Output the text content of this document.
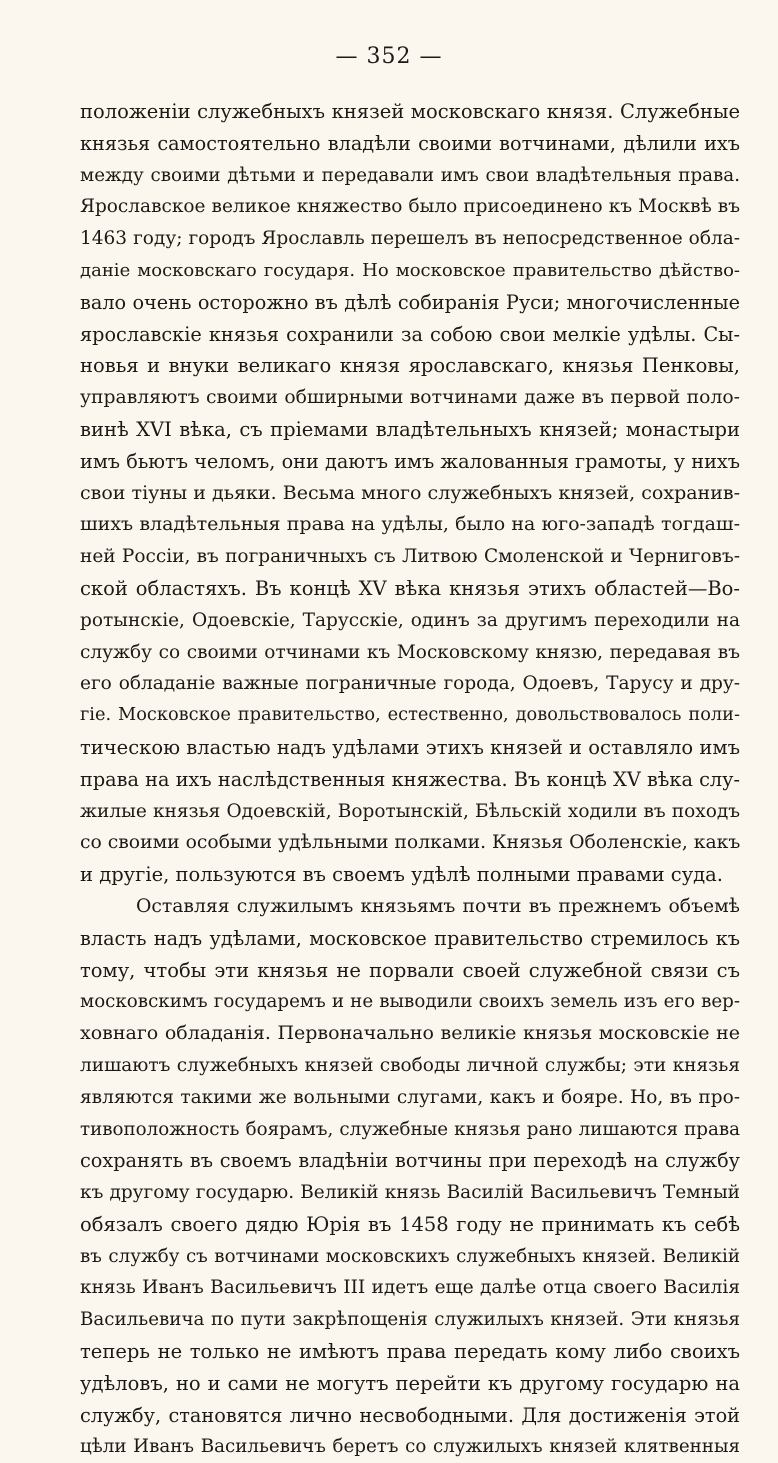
— 352 —
положенiи служебныхъ князей московскаго князя. Служебные
князья самостоятельно владѣли своими вотчинами, дѣлили ихъ
между своими дѣтьми и передавали имъ свои владѣтельныя права.
Ярославское великое княжество было присоединено къ Москвѣ въ
1463 году; городъ Ярославль перешелъ въ непосредственное обла-
данiе московскаго государя. Но московское правительство дѣйство-
вало очень осторожно въ дѣлѣ собиранiя Руси; многочисленные
ярославскiе князья сохранили за собою свои мелкiе удѣлы. Сы-
новья и внуки великаго князя ярославскаго, князья Пенковы,
управляютъ своими обширными вотчинами даже въ первой поло-
винѣ XVI вѣка, съ прiемами владѣтельныхъ князей; монастыри
имъ бьютъ челомъ, они даютъ имъ жалованныя грамоты, у нихъ
свои тiуны и дьяки. Весьма много служебныхъ князей, сохранив-
шихъ владѣтельныя права на удѣлы, было на юго-западѣ тогдаш-
ней Россiи, въ пограничныхъ съ Литвою Смоленской и Черниговъ-
ской областяхъ. Въ концѣ XV вѣка князья этихъ областей—Во-
ротынскiе, Одоевскiе, Тарусскiе, одинъ за другимъ переходили на
службу со своими отчинами къ Московскому князю, передавая въ
его обладанiе важные пограничные города, Одоевъ, Тарусу и дру-
гiе. Московское правительство, естественно, довольствовалось поли-
тическою властью надъ удѣлами этихъ князей и оставляло имъ
права на ихъ наслѣдственныя княжества. Въ концѣ XV вѣка слу-
жилые князья Одоевскiй, Воротынскiй, Бѣльскiй ходили въ походъ
со своими особыми удѣльными полками. Князья Оболенскiе, какъ
и другiе, пользуются въ своемъ удѣлѣ полными правами суда.
Оставляя служилымъ князьямъ почти въ прежнемъ объемѣ
власть надъ удѣлами, московское правительство стремилось къ
тому, чтобы эти князья не порвали своей служебной связи съ
московскимъ государемъ и не выводили своихъ земель изъ его вер-
ховнаго обладанiя. Первоначально великiе князья московскiе не
лишаютъ служебныхъ князей свободы личной службы; эти князья
являются такими же вольными слугами, какъ и бояре. Но, въ про-
тивоположность боярамъ, служебные князья рано лишаются права
сохранять въ своемъ владѣнiи вотчины при переходѣ на службу
къ другому государю. Великiй князь Василiй Васильевичъ Темный
обязалъ своего дядю Юрiя въ 1458 году не принимать къ себѣ
въ службу съ вотчинами московскихъ служебныхъ князей. Великiй
князь Иванъ Васильевичъ III идетъ еще далѣе отца своего Василiя
Васильевича по пути закрѣпощенiя служилыхъ князей. Эти князья
теперь не только не имѣютъ права передать кому либо своихъ
удѣловъ, но и сами не могутъ перейти къ другому государю на
службу, становятся лично несвободными. Для достиженiя этой
цѣли Иванъ Васильевичъ беретъ со служилыхъ князей клятвенныя
